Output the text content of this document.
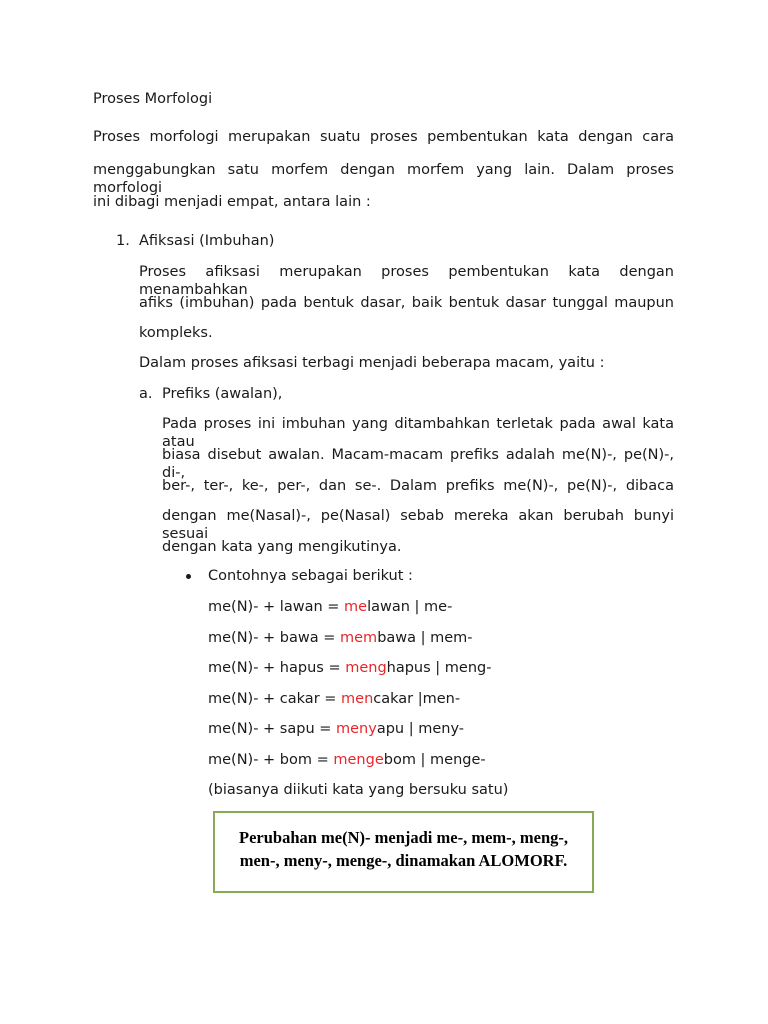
Proses Morfologi
Proses morfologi merupakan suatu proses pembentukan kata dengan cara
menggabungkan satu morfem dengan morfem yang lain. Dalam proses morfologi
ini dibagi menjadi empat, antara lain :
1. Afiksasi (Imbuhan)
Proses afiksasi merupakan proses pembentukan kata dengan menambahkan
afiks (imbuhan) pada bentuk dasar, baik bentuk dasar tunggal maupun
kompleks.
Dalam proses afiksasi terbagi menjadi beberapa macam, yaitu :
a. Prefiks (awalan),
Pada proses ini imbuhan yang ditambahkan terletak pada awal kata atau
biasa disebut awalan. Macam-macam prefiks adalah me(N)-, pe(N)-, di-,
ber-, ter-, ke-, per-, dan se-. Dalam prefiks me(N)-, pe(N)-, dibaca
dengan me(Nasal)-, pe(Nasal) sebab mereka akan berubah bunyi sesuai
dengan kata yang mengikutinya.
Contohnya sebagai berikut :
me(N)- + lawan = melawan | me-
me(N)- + bawa = membawa | mem-
me(N)- + hapus = menghapus | meng-
me(N)- + cakar = mencakar |men-
me(N)- + sapu = menyapu | meny-
me(N)- + bom = mengebom | menge-
(biasanya diikuti kata yang bersuku satu)
Perubahan me(N)- menjadi me-, mem-, meng-,
men-, meny-, menge-, dinamakan ALOMORF.
